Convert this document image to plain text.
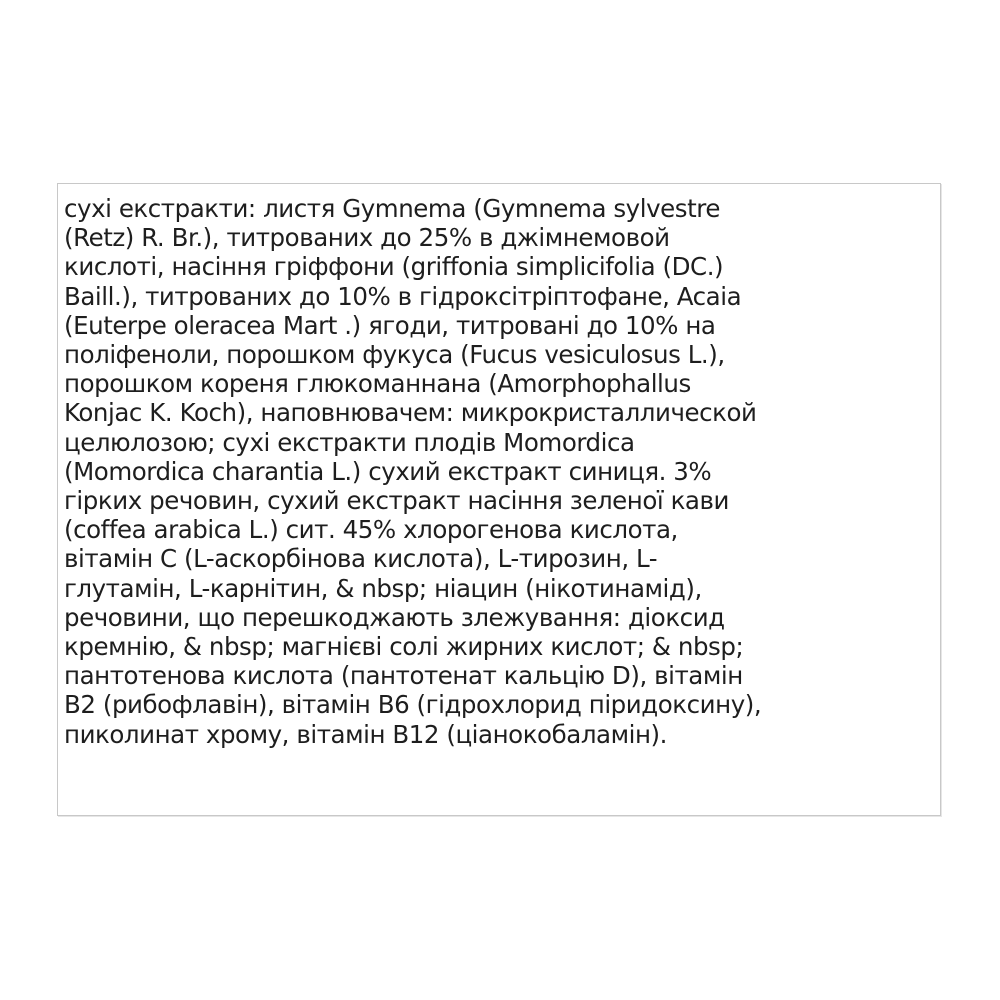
сухі екстракти: листя Gymnema (Gymnema sylvestre
(Retz) R. Br.), титрованих до 25% в джімнемовой
кислоті, насіння гріффони (griffonia simplicifolia (DC.)
Baill.), титрованих до 10% в гідроксітріптофане, Acaia
(Euterpe oleracea Mart .) ягоди, титровані до 10% на
поліфеноли, порошком фукуса (Fucus vesiculosus L.),
порошком кореня глюкоманнана (Amorphophallus
Konjac K. Koch), наповнювачем: микрокристаллической
целюлозою; сухі екстракти плодів Momordica
(Momordica charantia L.) сухий екстракт синиця. 3%
гірких речовин, сухий екстракт насіння зеленої кави
(coffea arabica L.) сит. 45% хлорогенова кислота,
вітамін C (L-аскорбінова кислота), L-тирозин, L-
глутамін, L-карнітин, & nbsp; ніацин (нікотинамід),
речовини, що перешкоджають злежування: діоксид
кремнію, & nbsp; магнієві солі жирних кислот; & nbsp;
пантотенова кислота (пантотенат кальцію D), вітамін
B2 (рибофлавін), вітамін B6 (гідрохлорид піридоксину),
пиколинат хрому, вітамін B12 (ціанокобаламін).
